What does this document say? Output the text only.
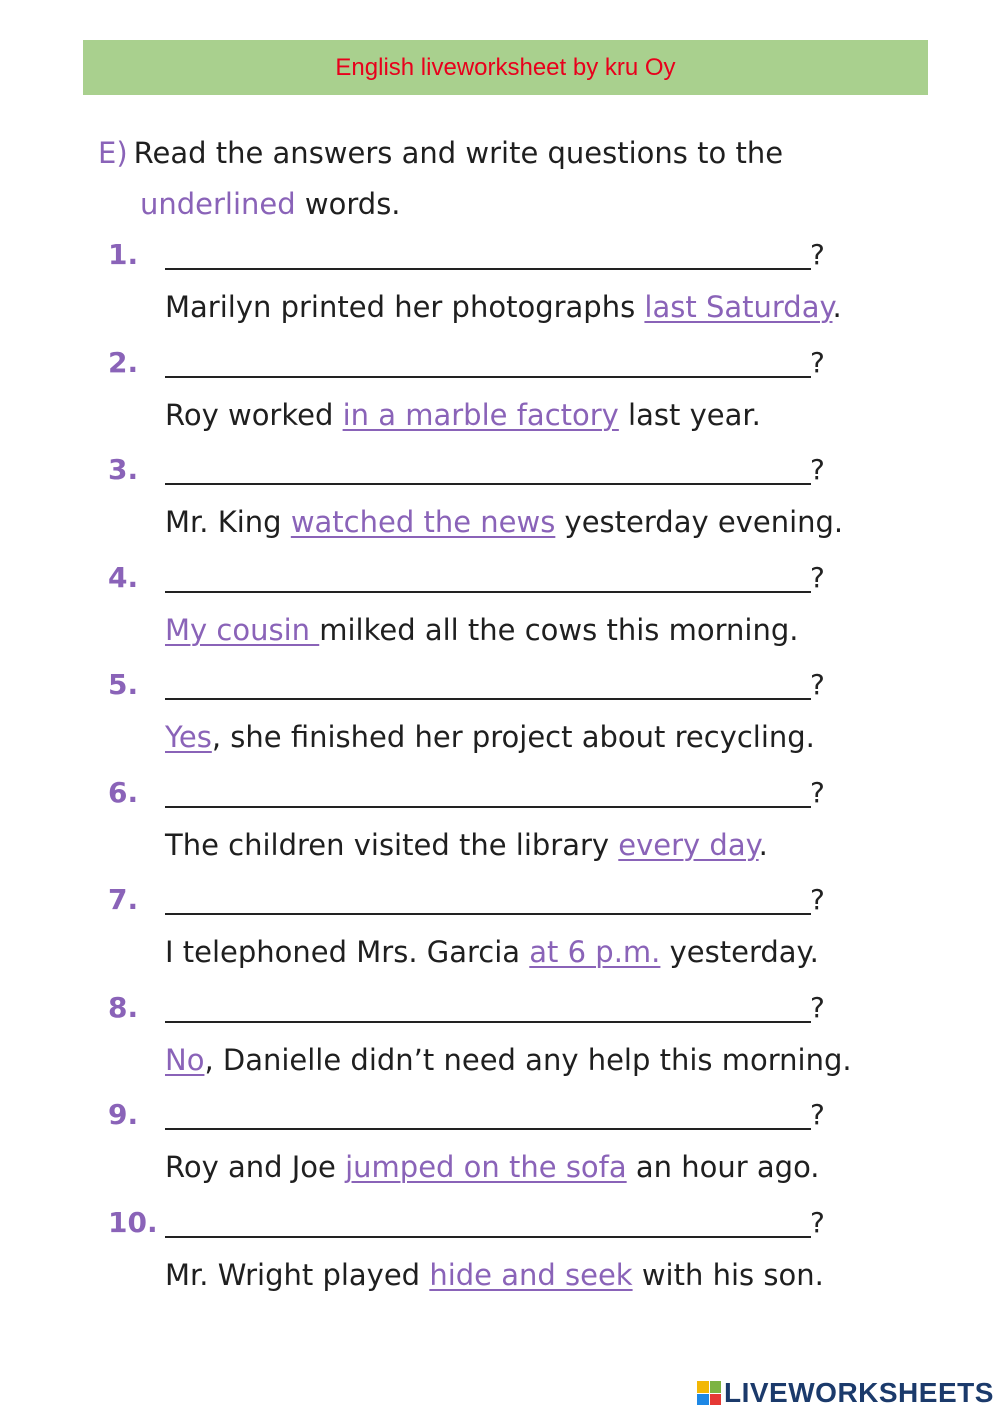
English liveworksheet by kru Oy
E) Read the answers and write questions to the
underlined words.
1.	?
Marilyn printed her photographs last Saturday.
2.	?
Roy worked in a marble factory last year.
3.	?
Mr. King watched the news yesterday evening.
4.	?
My cousin milked all the cows this morning.
5.	?
Yes, she finished her project about recycling.
6.	?
The children visited the library every day.
7.	?
I telephoned Mrs. Garcia at 6 p.m. yesterday.
8.	?
No, Danielle didn’t need any help this morning.
9.	?
Roy and Joe jumped on the sofa an hour ago.
10.	?
Mr. Wright played hide and seek with his son.
LIVEWORKSHEETS
